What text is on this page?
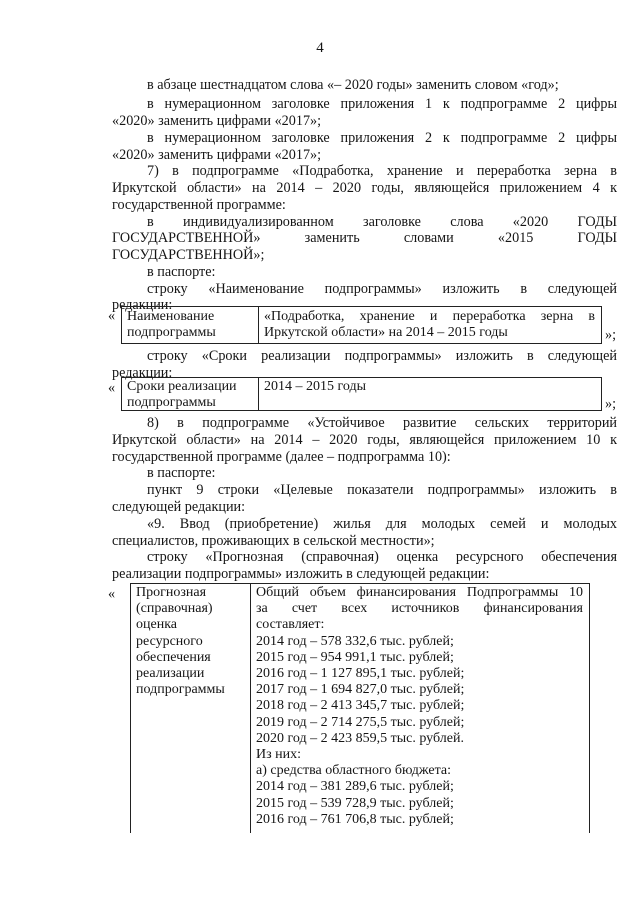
4
в абзаце шестнадцатом слова «– 2020 годы» заменить словом «год»;
в нумерационном заголовке приложения 1 к подпрограмме 2 цифры
«2020» заменить цифрами «2017»;
в нумерационном заголовке приложения 2 к подпрограмме 2 цифры
«2020» заменить цифрами «2017»;
7) в подпрограмме «Подработка, хранение и переработка зерна в
Иркутской области» на 2014 – 2020 годы, являющейся приложением 4 к
государственной программе:
в индивидуализированном заголовке слова «2020 ГОДЫ
ГОСУДАРСТВЕННОЙ» заменить словами «2015 ГОДЫ
ГОСУДАРСТВЕННОЙ»;
в паспорте:
строку «Наименование подпрограммы» изложить в следующей
редакции:
строку «Сроки реализации подпрограммы» изложить в следующей
редакции:
8) в подпрограмме «Устойчивое развитие сельских территорий
Иркутской области» на 2014 – 2020 годы, являющейся приложением 10 к
государственной программе (далее – подпрограмма 10):
в паспорте:
пункт 9 строки «Целевые показатели подпрограммы» изложить в
следующей редакции:
«9. Ввод (приобретение) жилья для молодых семей и молодых
специалистов, проживающих в сельской местности»;
строку «Прогнозная (справочная) оценка ресурсного обеспечения
реализации подпрограммы» изложить в следующей редакции:
« Наименование
подпрограммы
«Подработка, хранение и переработка зерна в
Иркутской области» на 2014 – 2015 годы	»;
« Сроки реализации
подпрограммы
2014 – 2015 годы
»;
« Прогнозная
(справочная)
оценка
ресурсного
обеспечения
реализации
подпрограммы
Общий объем финансирования Подпрограммы 10
за счет всех источников финансирования
составляет:
2014 год – 578 332,6 тыс. рублей;
2015 год – 954 991,1 тыс. рублей;
2016 год – 1 127 895,1 тыс. рублей;
2017 год – 1 694 827,0 тыс. рублей;
2018 год – 2 413 345,7 тыс. рублей;
2019 год – 2 714 275,5 тыс. рублей;
2020 год – 2 423 859,5 тыс. рублей.
Из них:
а) средства областного бюджета:
2014 год – 381 289,6 тыс. рублей;
2015 год – 539 728,9 тыс. рублей;
2016 год – 761 706,8 тыс. рублей;
